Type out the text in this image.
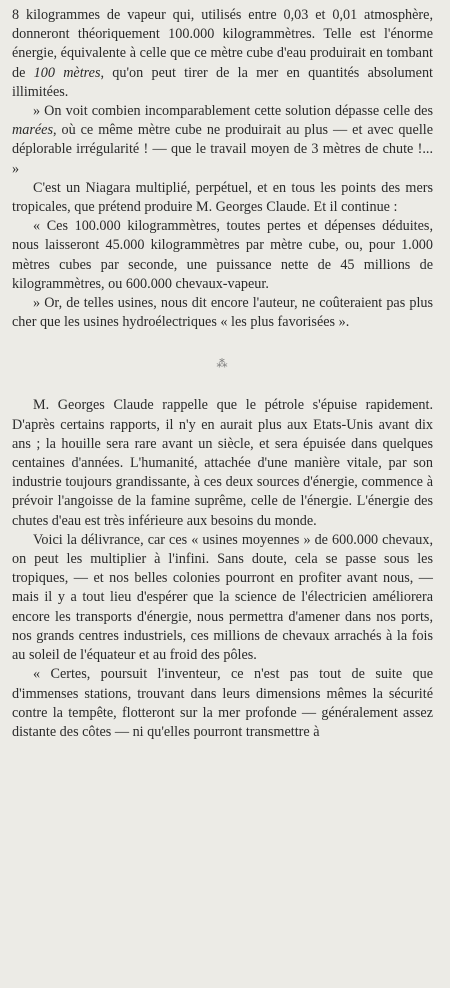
8 kilogrammes de vapeur qui, utilisés entre 0,03 et 0,01 atmosphère, donneront théoriquement 100.000 kilogrammètres. Telle est l'énorme énergie, équivalente à celle que ce mètre cube d'eau produirait en tombant de 100 mètres, qu'on peut tirer de la mer en quantités absolument illimitées.

» On voit combien incomparablement cette solution dépasse celle des marées, où ce même mètre cube ne produirait au plus — et avec quelle déplorable irrégularité ! — que le travail moyen de 3 mètres de chute !... »

C'est un Niagara multiplié, perpétuel, et en tous les points des mers tropicales, que prétend produire M. Georges Claude. Et il continue :

« Ces 100.000 kilogrammètres, toutes pertes et dépenses déduites, nous laisseront 45.000 kilogrammètres par mètre cube, ou, pour 1.000 mètres cubes par seconde, une puissance nette de 45 millions de kilogrammètres, ou 600.000 chevaux-vapeur.

» Or, de telles usines, nous dit encore l'auteur, ne coûteraient pas plus cher que les usines hydroélectriques « les plus favorisées ».

⁂

M. Georges Claude rappelle que le pétrole s'épuise rapidement. D'après certains rapports, il n'y en aurait plus aux Etats-Unis avant dix ans ; la houille sera rare avant un siècle, et sera épuisée dans quelques centaines d'années. L'humanité, attachée d'une manière vitale, par son industrie toujours grandissante, à ces deux sources d'énergie, commence à prévoir l'angoisse de la famine suprême, celle de l'énergie. L'énergie des chutes d'eau est très inférieure aux besoins du monde.

Voici la délivrance, car ces « usines moyennes » de 600.000 chevaux, on peut les multiplier à l'infini. Sans doute, cela se passe sous les tropiques, — et nos belles colonies pourront en profiter avant nous, — mais il y a tout lieu d'espérer que la science de l'électricien améliorera encore les transports d'énergie, nous permettra d'amener dans nos ports, nos grands centres industriels, ces millions de chevaux arrachés à la fois au soleil de l'équateur et au froid des pôles.

« Certes, poursuit l'inventeur, ce n'est pas tout de suite que d'immenses stations, trouvant dans leurs dimensions mêmes la sécurité contre la tempête, flotteront sur la mer profonde — généralement assez distante des côtes — ni qu'elles pourront transmettre à
